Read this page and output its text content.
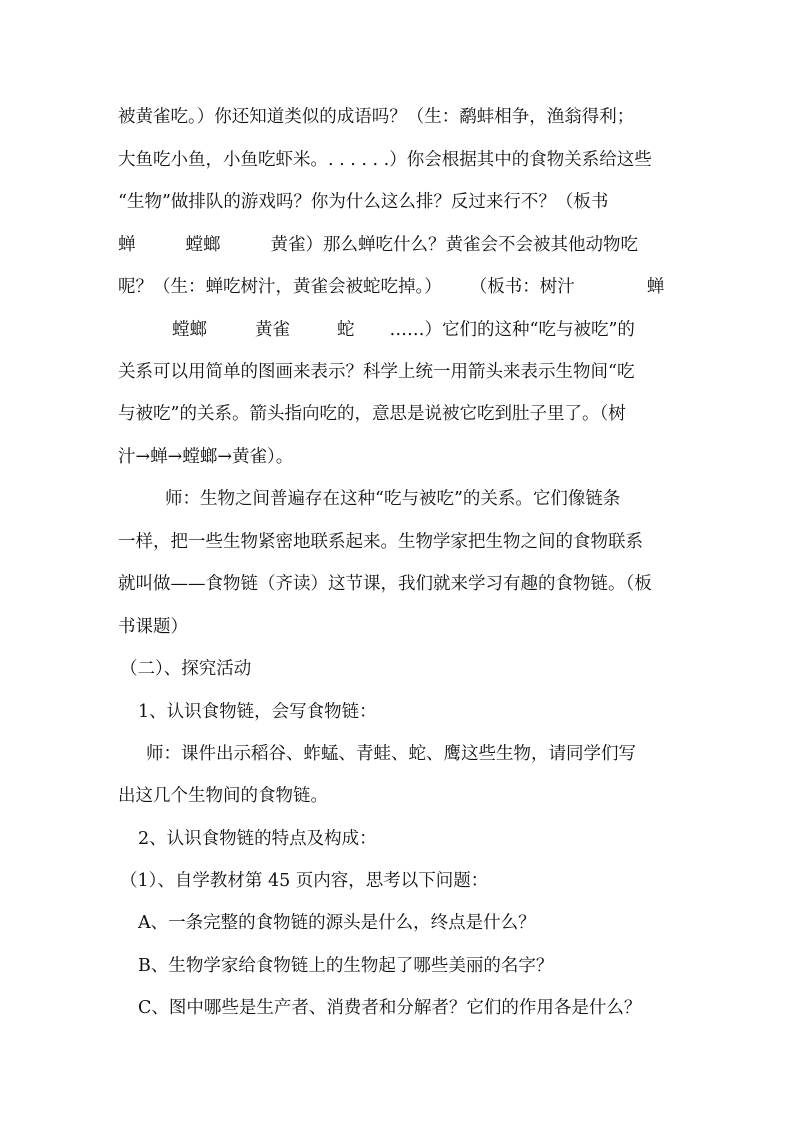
被黄雀吃。）你还知道类似的成语吗？（生：鹬蚌相争，渔翁得利；
大鱼吃小鱼，小鱼吃虾米。. . . . . .）你会根据其中的食物关系给这些
“生物”做排队的游戏吗？你为什么这么排？反过来行不？（板书
蝉	螳螂	黄雀）那么蝉吃什么？黄雀会不会被其他动物吃
呢？（生：蝉吃树汁，黄雀会被蛇吃掉。） （板书：树汁	蝉
螳螂	黄雀	蛇 ……）它们的这种“吃与被吃”的
关系可以用简单的图画来表示？科学上统一用箭头来表示生物间“吃
与被吃”的关系。箭头指向吃的，意思是说被它吃到肚子里了。（树
汁→蝉→螳螂→黄雀）。
师：生物之间普遍存在这种“吃与被吃”的关系。它们像链条
一样，把一些生物紧密地联系起来。生物学家把生物之间的食物联系
就叫做——食物链（齐读）这节课，我们就来学习有趣的食物链。（板
书课题）
（二）、探究活动
1、认识食物链，会写食物链：
师：课件出示稻谷、蚱蜢、青蛙、蛇、鹰这些生物，请同学们写
出这几个生物间的食物链。
2、认识食物链的特点及构成：
（1）、自学教材第 45 页内容，思考以下问题：
A、一条完整的食物链的源头是什么，终点是什么？
B、生物学家给食物链上的生物起了哪些美丽的名字？
C、图中哪些是生产者、消费者和分解者？它们的作用各是什么？
